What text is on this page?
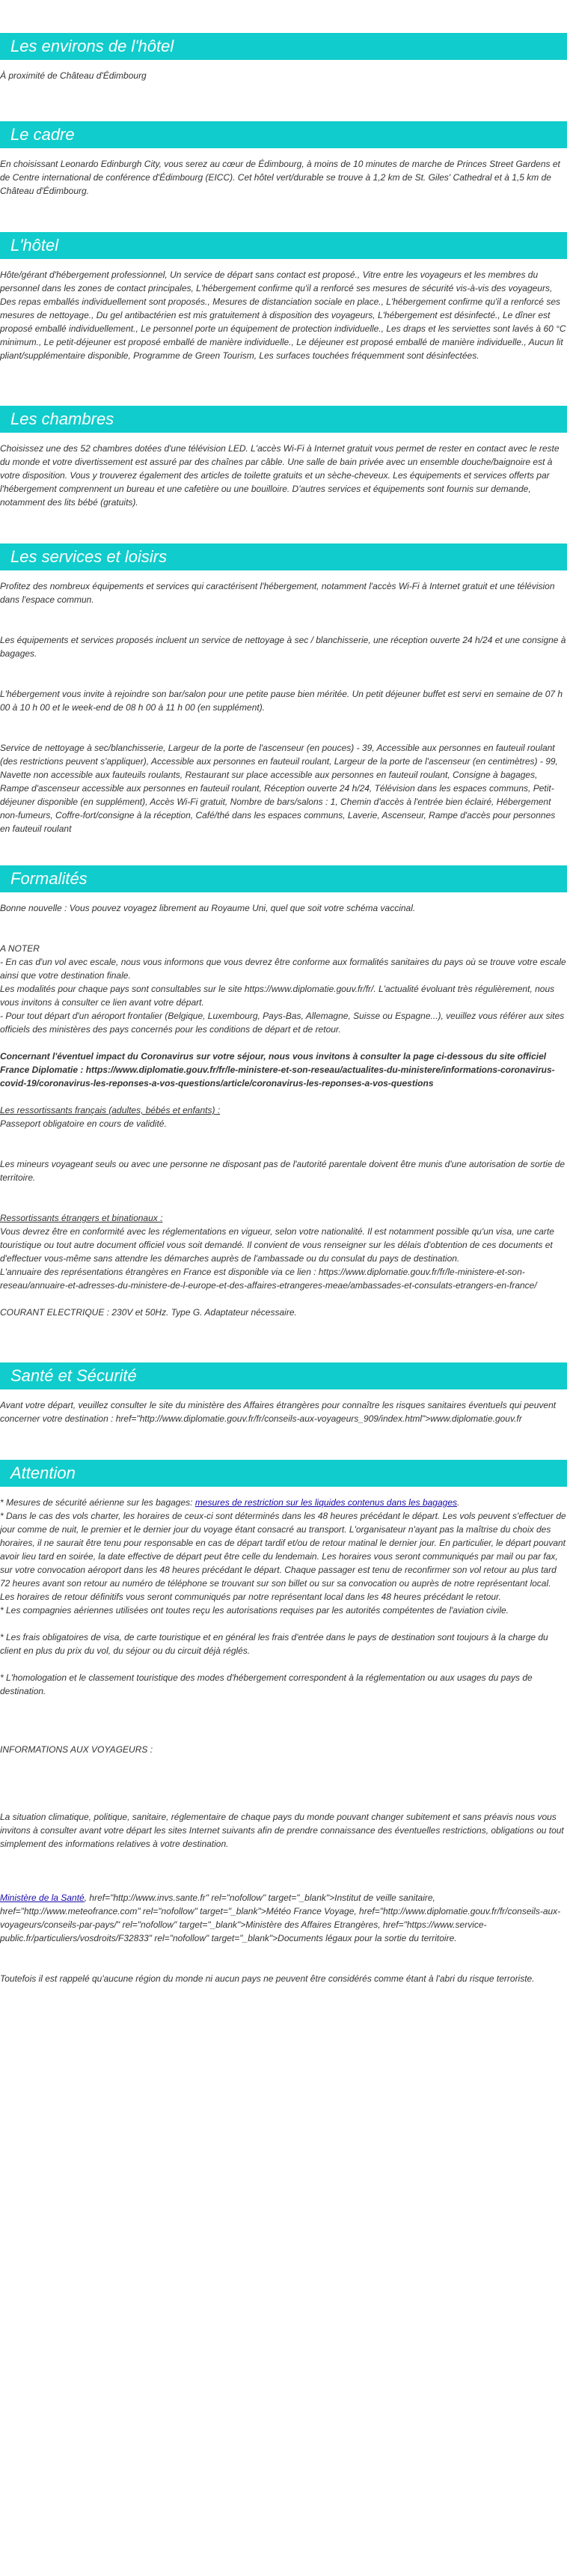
Les environs de l'hôtel

À proximité de Château d'Édimbourg

Le cadre

En choisissant Leonardo Edinburgh City, vous serez au cœur de Édimbourg, à moins de 10 minutes de marche de Princes Street Gardens et de Centre international de conférence d'Édimbourg (EICC). Cet hôtel vert/durable se trouve à 1,2 km de St. Giles' Cathedral et à 1,5 km de Château d'Édimbourg.

L'hôtel

Hôte/gérant d'hébergement professionnel, Un service de départ sans contact est proposé., Vitre entre les voyageurs et les membres du personnel dans les zones de contact principales, L'hébergement confirme qu'il a renforcé ses mesures de sécurité vis-à-vis des voyageurs, Des repas emballés individuellement sont proposés., Mesures de distanciation sociale en place., L'hébergement confirme qu'il a renforcé ses mesures de nettoyage., Du gel antibactérien est mis gratuitement à disposition des voyageurs, L'hébergement est désinfecté., Le dîner est proposé emballé individuellement., Le personnel porte un équipement de protection individuelle., Les draps et les serviettes sont lavés à 60 °C minimum., Le petit-déjeuner est proposé emballé de manière individuelle., Le déjeuner est proposé emballé de manière individuelle., Aucun lit pliant/supplémentaire disponible, Programme de Green Tourism, Les surfaces touchées fréquemment sont désinfectées.

Les chambres

Choisissez une des 52 chambres dotées d'une télévision LED. L'accès Wi-Fi à Internet gratuit vous permet de rester en contact avec le reste du monde et votre divertissement est assuré par des chaînes par câble. Une salle de bain privée avec un ensemble douche/baignoire est à votre disposition. Vous y trouverez également des articles de toilette gratuits et un sèche-cheveux. Les équipements et services offerts par l'hébergement comprennent un bureau et une cafetière ou une bouilloire. D'autres services et équipements sont fournis sur demande, notamment des lits bébé (gratuits).

Les services et loisirs

Profitez des nombreux équipements et services qui caractérisent l'hébergement, notamment l'accès Wi-Fi à Internet gratuit et une télévision dans l'espace commun.

Les équipements et services proposés incluent un service de nettoyage à sec / blanchisserie, une réception ouverte 24 h/24 et une consigne à bagages.

L'hébergement vous invite à rejoindre son bar/salon pour une petite pause bien méritée. Un petit déjeuner buffet est servi en semaine de 07 h 00 à 10 h 00 et le week-end de 08 h 00 à 11 h 00 (en supplément).

Service de nettoyage à sec/blanchisserie, Largeur de la porte de l'ascenseur (en pouces) - 39, Accessible aux personnes en fauteuil roulant (des restrictions peuvent s'appliquer), Accessible aux personnes en fauteuil roulant, Largeur de la porte de l'ascenseur (en centimètres) - 99, Navette non accessible aux fauteuils roulants, Restaurant sur place accessible aux personnes en fauteuil roulant, Consigne à bagages, Rampe d'ascenseur accessible aux personnes en fauteuil roulant, Réception ouverte 24 h/24, Télévision dans les espaces communs, Petit-déjeuner disponible (en supplément), Accès Wi-Fi gratuit, Nombre de bars/salons : 1, Chemin d'accès à l'entrée bien éclairé, Hébergement non-fumeurs, Coffre-fort/consigne à la réception, Café/thé dans les espaces communs, Laverie, Ascenseur, Rampe d'accès pour personnes en fauteuil roulant

Formalités

Bonne nouvelle : Vous pouvez voyagez librement au Royaume Uni, quel que soit votre schéma vaccinal.

A NOTER

- En cas d'un vol avec escale, nous vous informons que vous devrez être conforme aux formalités sanitaires du pays où se trouve votre escale ainsi que votre destination finale.

Les modalités pour chaque pays sont consultables sur le site https://www.diplomatie.gouv.fr/fr/. L'actualité évoluant très régulièrement, nous vous invitons à consulter ce lien avant votre départ.

- Pour tout départ d'un aéroport frontalier (Belgique, Luxembourg, Pays-Bas, Allemagne, Suisse ou Espagne...), veuillez vous référer aux sites officiels des ministères des pays concernés pour les conditions de départ et de retour.

Concernant l'éventuel impact du Coronavirus sur votre séjour, nous vous invitons à consulter la page ci-dessous du site officiel France Diplomatie : https://www.diplomatie.gouv.fr/fr/le-ministere-et-son-reseau/actualites-du-ministere/informations-coronavirus-covid-19/coronavirus-les-reponses-a-vos-questions/article/coronavirus-les-reponses-a-vos-questions

Les ressortissants français (adultes, bébés et enfants) :

Passeport obligatoire en cours de validité.

Les mineurs voyageant seuls ou avec une personne ne disposant pas de l'autorité parentale doivent être munis d'une autorisation de sortie de territoire.

Ressortissants étrangers et binationaux :

Vous devrez être en conformité avec les réglementations en vigueur, selon votre nationalité. Il est notamment possible qu'un visa, une carte touristique ou tout autre document officiel vous soit demandé. Il convient de vous renseigner sur les délais d'obtention de ces documents et d'effectuer vous-même sans attendre les démarches auprès de l'ambassade ou du consulat du pays de destination.

L'annuaire des représentations étrangères en France est disponible via ce lien : https://www.diplomatie.gouv.fr/fr/le-ministere-et-son-reseau/annuaire-et-adresses-du-ministere-de-l-europe-et-des-affaires-etrangeres-meae/ambassades-et-consulats-etrangers-en-france/

COURANT ELECTRIQUE : 230V et 50Hz. Type G. Adaptateur nécessaire.

Santé et Sécurité

Avant votre départ, veuillez consulter le site du ministère des Affaires étrangères pour connaître les risques sanitaires éventuels qui peuvent concerner votre destination : href="http://www.diplomatie.gouv.fr/fr/conseils-aux-voyageurs_909/index.html">www.diplomatie.gouv.fr

Attention

* Mesures de sécurité aérienne sur les bagages: mesures de restriction sur les liquides contenus dans les bagages.

* Dans le cas des vols charter, les horaires de ceux-ci sont déterminés dans les 48 heures précédant le départ. Les vols peuvent s'effectuer de jour comme de nuit, le premier et le dernier jour du voyage étant consacré au transport. L'organisateur n'ayant pas la maîtrise du choix des horaires, il ne saurait être tenu pour responsable en cas de départ tardif et/ou de retour matinal le dernier jour. En particulier, le départ pouvant avoir lieu tard en soirée, la date effective de départ peut être celle du lendemain. Les horaires vous seront communiqués par mail ou par fax, sur votre convocation aéroport dans les 48 heures précédant le départ. Chaque passager est tenu de reconfirmer son vol retour au plus tard 72 heures avant son retour au numéro de téléphone se trouvant sur son billet ou sur sa convocation ou auprès de notre représentant local. Les horaires de retour définitifs vous seront communiqués par notre représentant local dans les 48 heures précédant le retour.

* Les compagnies aériennes utilisées ont toutes reçu les autorisations requises par les autorités compétentes de l'aviation civile.

* Les frais obligatoires de visa, de carte touristique et en général les frais d'entrée dans le pays de destination sont toujours à la charge du client en plus du prix du vol, du séjour ou du circuit déjà réglés.

* L'homologation et le classement touristique des modes d'hébergement correspondent à la réglementation ou aux usages du pays de destination.

INFORMATIONS AUX VOYAGEURS :

La situation climatique, politique, sanitaire, réglementaire de chaque pays du monde pouvant changer subitement et sans préavis nous vous invitons à consulter avant votre départ les sites Internet suivants afin de prendre connaissance des éventuelles restrictions, obligations ou tout simplement des informations relatives à votre destination.

Ministère de la Santé, href="http://www.invs.sante.fr" rel="nofollow" target="_blank">Institut de veille sanitaire, href="http://www.meteofrance.com" rel="nofollow" target="_blank">Météo France Voyage, href="http://www.diplomatie.gouv.fr/fr/conseils-aux-voyageurs/conseils-par-pays/" rel="nofollow" target="_blank">Ministère des Affaires Etrangères, href="https://www.service-public.fr/particuliers/vosdroits/F32833" rel="nofollow" target="_blank">Documents légaux pour la sortie du territoire.

Toutefois il est rappelé qu'aucune région du monde ni aucun pays ne peuvent être considérés comme étant à l'abri du risque terroriste.
